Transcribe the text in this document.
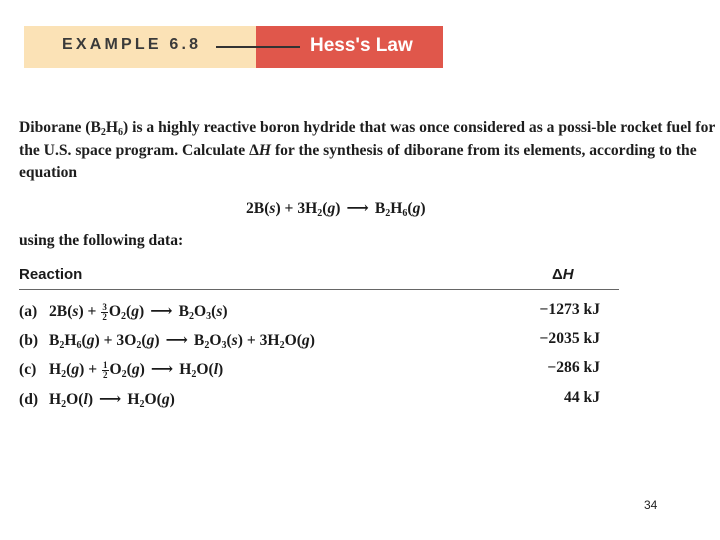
EXAMPLE 6.8	Hess's Law
Diborane $(B_2H_6)$ is a highly reactive boron hydride that was once considered as a possi-ble rocket fuel for the U.S. space program. Calculate ΔH for the synthesis of diborane from its elements, according to the equation
$2B(s) + 3H_2(g)$ ⟶ $B_2H_6(g)$
using the following data:
Reaction	ΔH
(a) $2B(s) + \frac{3}{2} O_2(g)$ ⟶ $B_2O_3(s)$	−1273 kJ
(b) $B_2H_6(g) + 3O_2(g)$ ⟶ $B_2O_3(s) + 3H_2O(g)$	−2035 kJ
(c) $H_2(g) + \frac{1}{2} O_2(g)$ ⟶ $H_2O(l)$	−286 kJ
(d) $H_2O(l)$ ⟶ $H_2O(g)$	44 kJ
34
